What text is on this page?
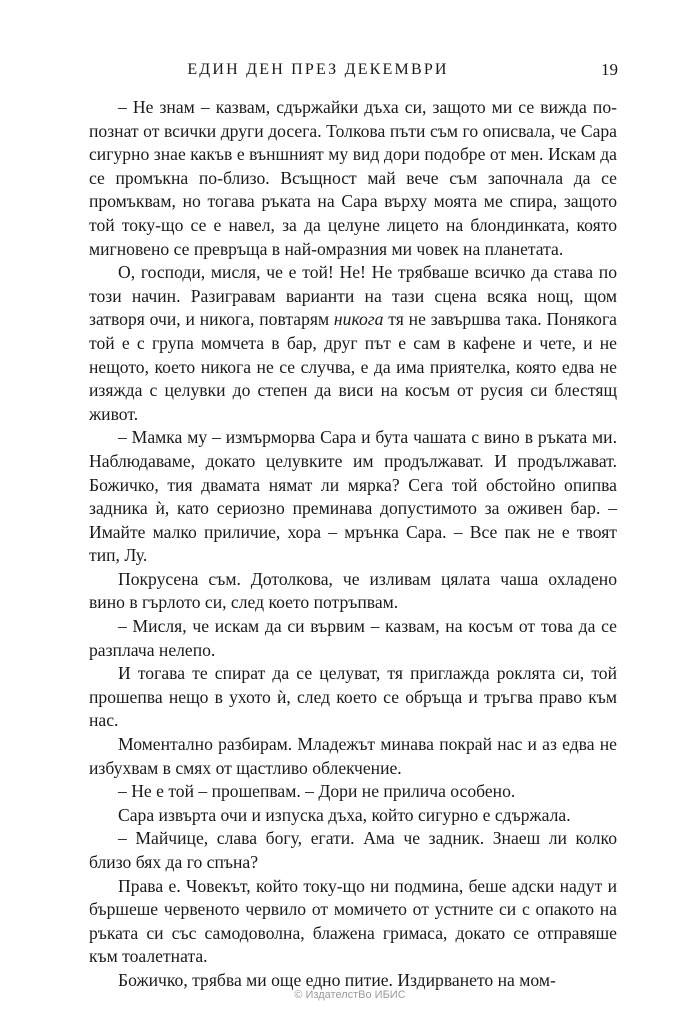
ЕДИН ДЕН ПРЕЗ ДЕКЕМВРИ	19

– Не знам – казвам, сдържайки дъха си, защото ми се вижда по-познат от всички други досега. Толкова пъти съм го описвала, че Сара сигурно знае какъв е външният му вид дори подобре от мен. Искам да се промъкна по-близо. Всъщност май вече съм започнала да се промъквам, но тогава ръката на Сара върху моята ме спира, защото той току-що се е навел, за да целуне лицето на блондинката, която мигновено се превръща в най-омразния ми човек на планетата.

О, господи, мисля, че е той! Не! Не трябваше всичко да става по този начин. Разигравам варианти на тази сцена всяка нощ, щом затворя очи, и никога, повтарям никога тя не завършва така. Понякога той е с група момчета в бар, друг път е сам в кафене и чете, и не нещото, което никога не се случва, е да има приятелка, която едва не изяжда с целувки до степен да виси на косъм от русия си блестящ живот.

– Мамка му – измърморва Сара и бута чашата с вино в ръката ми. Наблюдаваме, докато целувките им продължават. И продължават. Божичко, тия двамата нямат ли мярка? Сега той обстойно опипва задника ѝ, като сериозно преминава допустимото за оживен бар. – Имайте малко приличие, хора – мрънка Сара. – Все пак не е твоят тип, Лу.

Покрусена съм. Дотолкова, че изливам цялата чаша охладено вино в гърлото си, след което потръпвам.

– Мисля, че искам да си вървим – казвам, на косъм от това да се разплача нелепо.

И тогава те спират да се целуват, тя приглажда роклята си, той прошепва нещо в ухото ѝ, след което се обръща и тръгва право към нас.

Моментално разбирам. Младежът минава покрай нас и аз едва не избухвам в смях от щастливо облекчение.

– Не е той – прошепвам. – Дори не прилича особено.

Сара извърта очи и изпуска дъха, който сигурно е сдържала.

– Майчице, слава богу, егати. Ама че задник. Знаеш ли колко близо бях да го спъна?

Права е. Човекът, който току-що ни подмина, беше адски надут и бършеше червеното червило от момичето от устните си с опакото на ръката си със самодоволна, блажена гримаса, докато се отправяше към тоалетната.

Божичко, трябва ми още едно питие. Издирването на мом-

© ИздателстВо ИБИС
